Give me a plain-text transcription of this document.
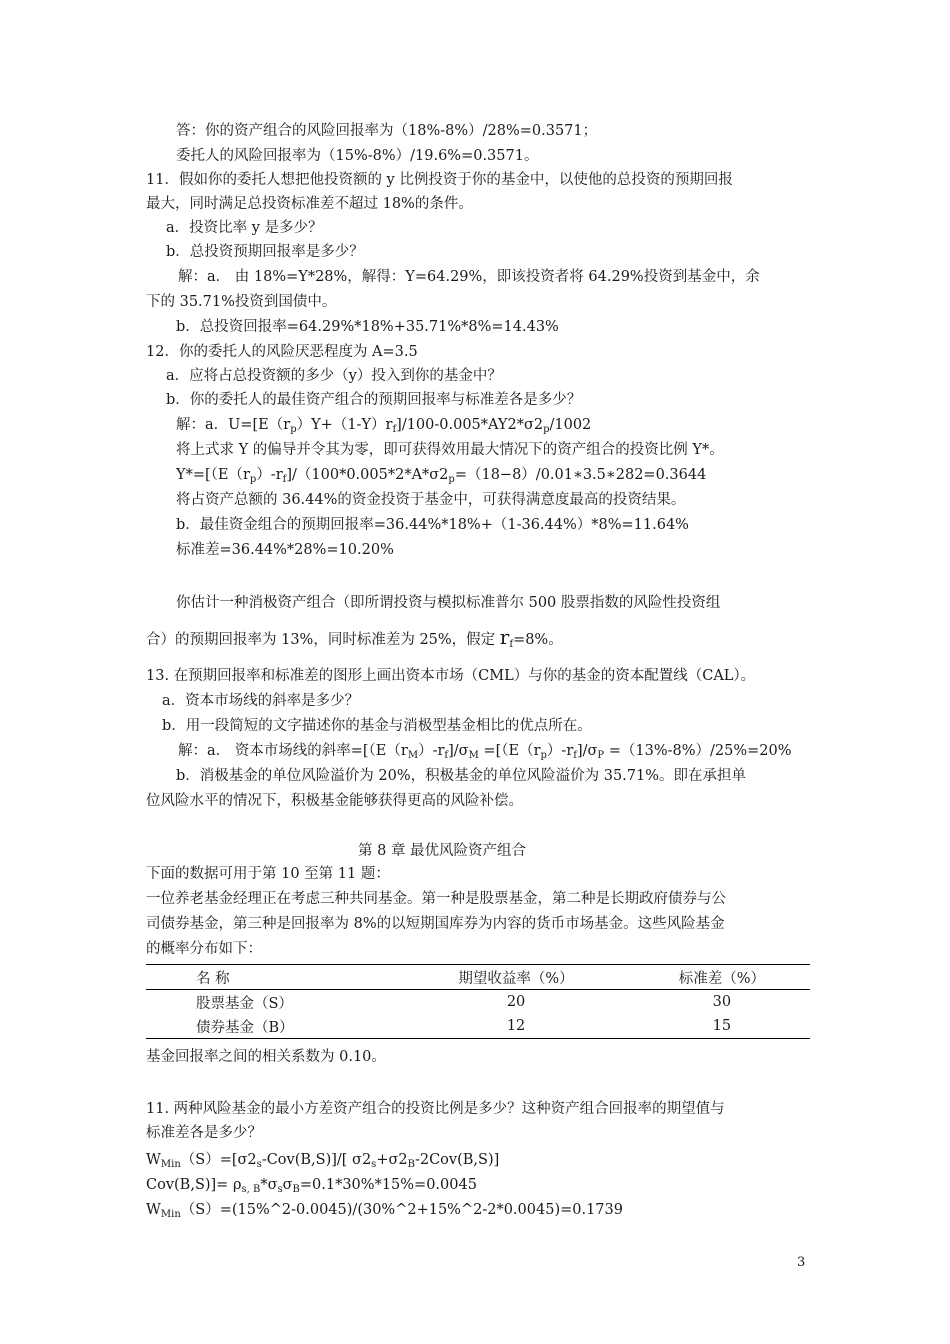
答：你的资产组合的风险回报率为（18%-8%）/28%=0.3571；
委托人的风险回报率为（15%-8%）/19.6%=0.3571。
11．假如你的委托人想把他投资额的 y 比例投资于你的基金中，以使他的总投资的预期回报
最大，同时满足总投资标准差不超过 18%的条件。
a．投资比率 y 是多少？
b．总投资预期回报率是多少？
解：a． 由 18%=Y*28%，解得：Y=64.29%，即该投资者将 64.29%投资到基金中，余
下的 35.71%投资到国债中。
b．总投资回报率=64.29%*18%+35.71%*8%=14.43%
12．你的委托人的风险厌恶程度为 A=3.5
a．应将占总投资额的多少（y）投入到你的基金中？
b．你的委托人的最佳资产组合的预期回报率与标准差各是多少？
解：a．$U=[E(r_p)Y+(1-Y)r_f]/100-0.005*AY2*\sigma 2_p/1002$
将上式求 Y 的偏导并令其为零，即可获得效用最大情况下的资产组合的投资比例 Y*。
$Y*=[(E(r_p)-r_f]/(100*0.005*2*A*\sigma 2_p=(18-8)/0.01∗3.5∗282=0.3644$
将占资产总额的 36.44%的资金投资于基金中，可获得满意度最高的投资结果。
b．最佳资金组合的预期回报率=36.44%*18%+（1-36.44%）*8%=11.64%
标准差=36.44%*28%=10.20%
你估计一种消极资产组合（即所谓投资与模拟标准普尔 500 股票指数的风险性投资组
合）的预期回报率为 13%，同时标准差为 25%，假定 $r_f=8\%$。
13. 在预期回报率和标准差的图形上画出资本市场（CML）与你的基金的资本配置线（CAL）。
a．资本市场线的斜率是多少？
b．用一段简短的文字描述你的基金与消极型基金相比的优点所在。
解：a． 资本市场线的斜率$=[(E(r_M)-r_f]/\sigma_M =[(E(r_p)-r_f]/\sigma_P =(13\%-8\%)/25\%=20\%$
b．消极基金的单位风险溢价为 20%，积极基金的单位风险溢价为 35.71%。即在承担单
位风险水平的情况下，积极基金能够获得更高的风险补偿。
第 8 章 最优风险资产组合
下面的数据可用于第 10 至第 11 题：
一位养老基金经理正在考虑三种共同基金。第一种是股票基金，第二种是长期政府债券与公
司债券基金，第三种是回报率为 8%的以短期国库券为内容的货币市场基金。这些风险基金
的概率分布如下：
名 称	期望收益率（%）	标准差（%）
股票基金（S）	20	30
债券基金（B）	12	15
基金回报率之间的相关系数为 0.10。
11. 两种风险基金的最小方差资产组合的投资比例是多少？这种资产组合回报率的期望值与
标准差各是多少？
$W_{Min}(S)=[\sigma 2_s-Cov(B,S)]/$[ $\sigma 2_s+\sigma 2_B-2Cov(B,S)$]
$Cov(B,S)]= \rho_{s, B}*\sigma_s\sigma_B=0.1*30\%*15\%=0.0045$
$W_{Min}(S)=(15\%\^{}2-0.0045)/(30\%\^{}2+15\%\^{}2-2*0.0045)=0.1739$
3
